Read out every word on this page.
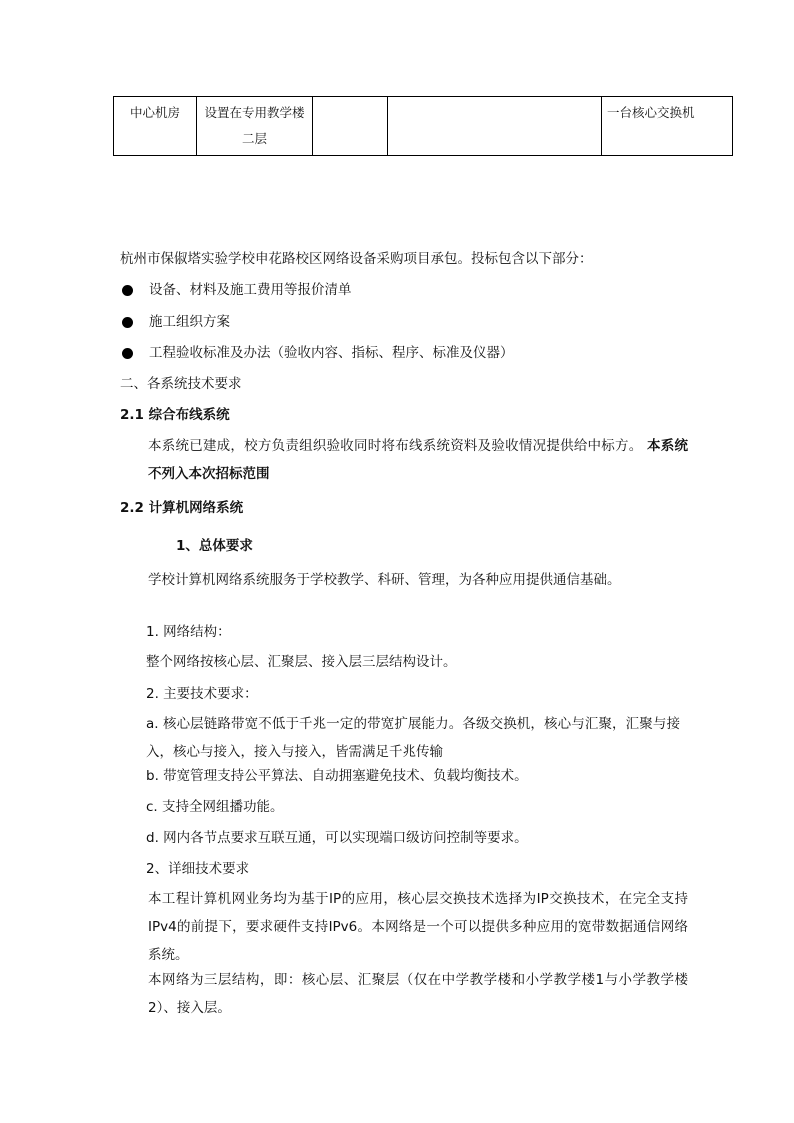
中心机房	设置在专用教学楼二层			一台核心交换机
杭州市保俶塔实验学校申花路校区网络设备采购项目承包。投标包含以下部分：
设备、材料及施工费用等报价清单
施工组织方案
工程验收标准及办法（验收内容、指标、程序、标准及仪器）
二、各系统技术要求
2.1 综合布线系统
本系统已建成，校方负责组织验收同时将布线系统资料及验收情况提供给中标方。 本系统不列入本次招标范围
2.2 计算机网络系统
1、总体要求
学校计算机网络系统服务于学校教学、科研、管理，为各种应用提供通信基础。
1. 网络结构：
整个网络按核心层、汇聚层、接入层三层结构设计。
2. 主要技术要求：
a. 核心层链路带宽不低于千兆一定的带宽扩展能力。各级交换机，核心与汇聚，汇聚与接入，核心与接入，接入与接入，皆需满足千兆传输
b. 带宽管理支持公平算法、自动拥塞避免技术、负载均衡技术。
c. 支持全网组播功能。
d. 网内各节点要求互联互通，可以实现端口级访问控制等要求。
2、详细技术要求
本工程计算机网业务均为基于IP的应用，核心层交换技术选择为IP交换技术，在完全支持IPv4的前提下，要求硬件支持IPv6。本网络是一个可以提供多种应用的宽带数据通信网络系统。
本网络为三层结构，即：核心层、汇聚层（仅在中学教学楼和小学教学楼1与小学教学楼2）、接入层。
